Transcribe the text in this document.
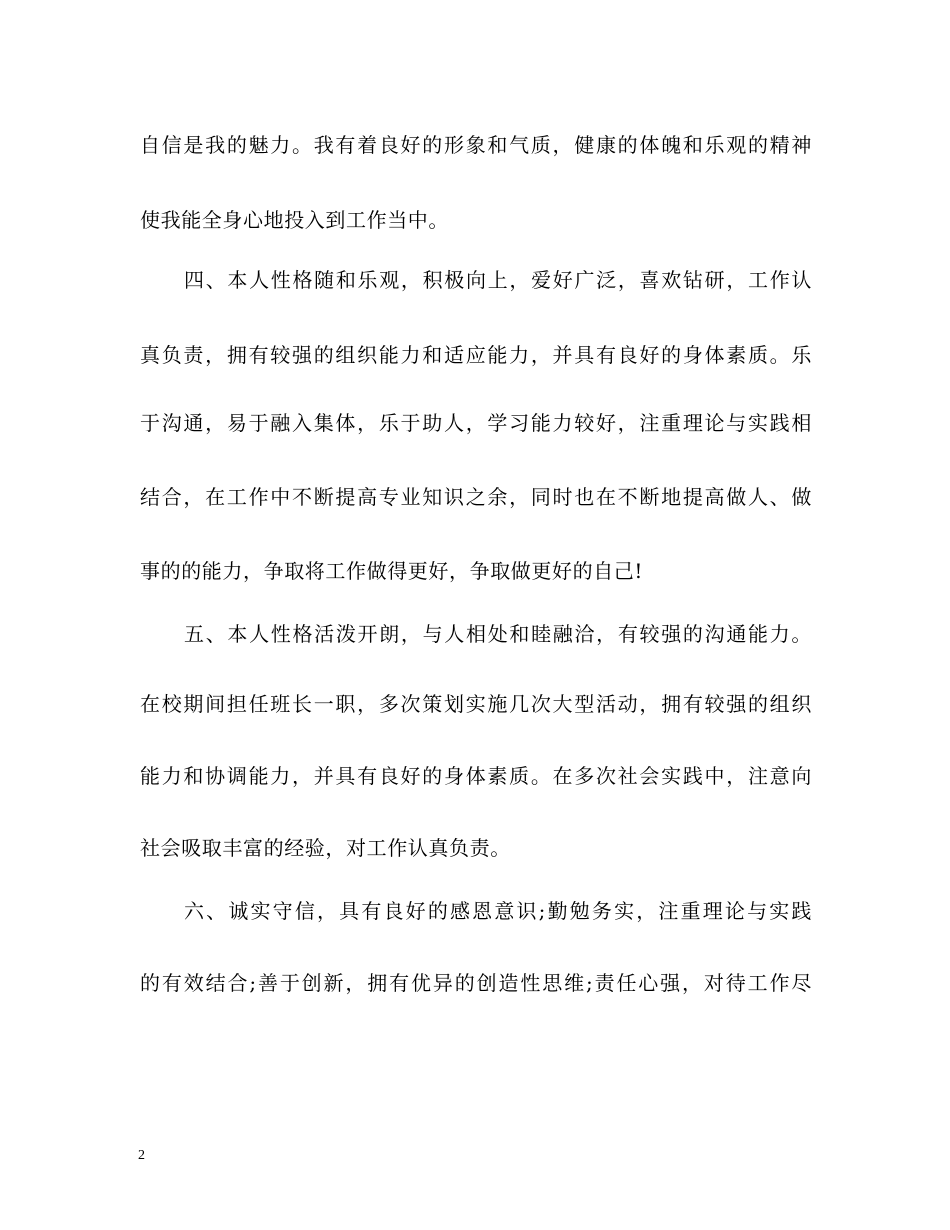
自信是我的魅力。我有着良好的形象和气质，健康的体魄和乐观的精神
使我能全身心地投入到工作当中。
四、本人性格随和乐观，积极向上，爱好广泛，喜欢钻研，工作认
真负责，拥有较强的组织能力和适应能力，并具有良好的身体素质。乐
于沟通，易于融入集体，乐于助人，学习能力较好，注重理论与实践相
结合，在工作中不断提高专业知识之余，同时也在不断地提高做人、做
事的的能力，争取将工作做得更好，争取做更好的自己!
五、本人性格活泼开朗，与人相处和睦融洽，有较强的沟通能力。
在校期间担任班长一职，多次策划实施几次大型活动，拥有较强的组织
能力和协调能力，并具有良好的身体素质。在多次社会实践中，注意向
社会吸取丰富的经验，对工作认真负责。
六、诚实守信，具有良好的感恩意识;勤勉务实，注重理论与实践
的有效结合;善于创新，拥有优异的创造性思维;责任心强，对待工作尽
2
